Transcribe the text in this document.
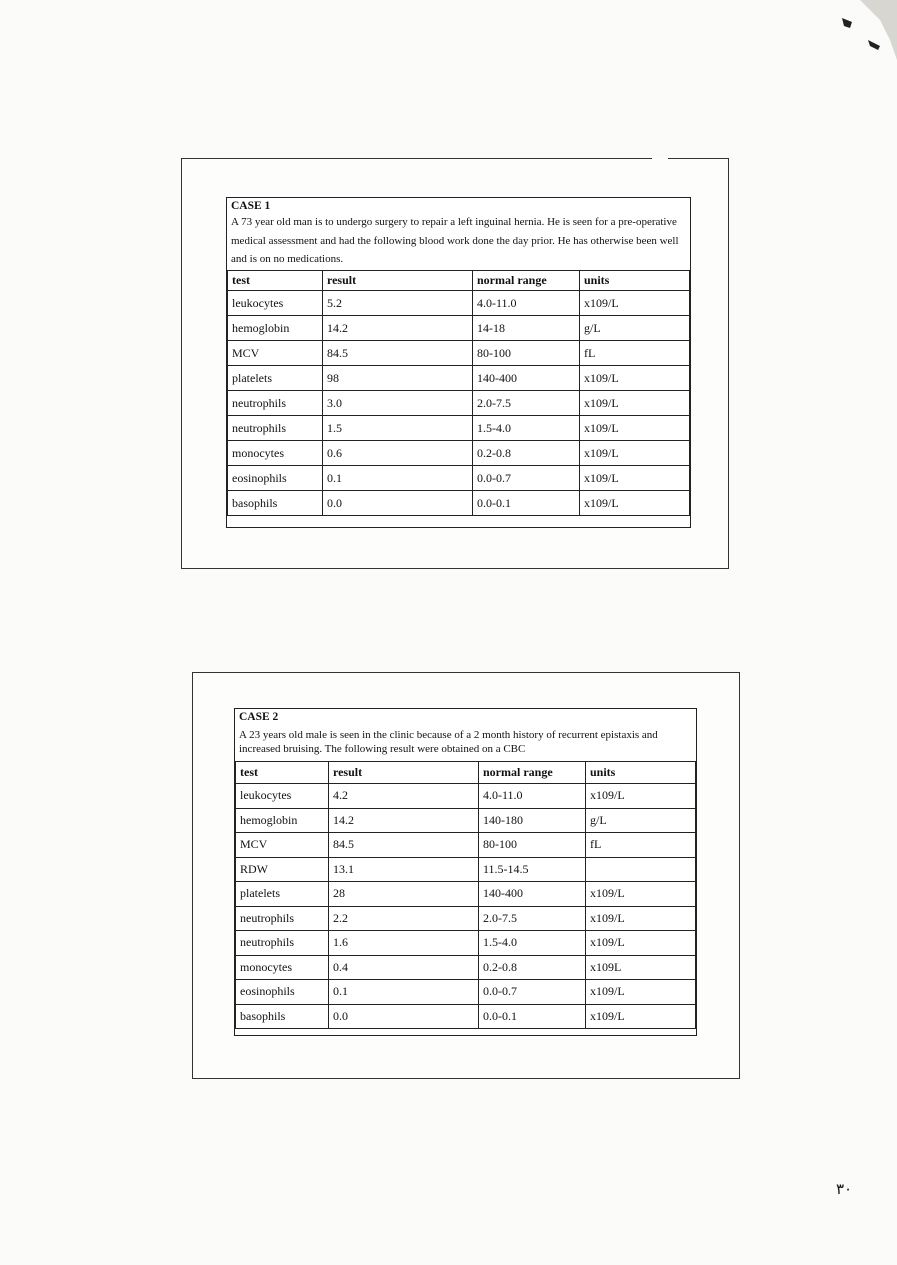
CASE 1
A 73 year old man is to undergo surgery to repair a left inguinal hernia. He is seen for a pre-operative medical assessment and had the following blood work done the day prior. He has otherwise been well and is on no medications.
test	result	normal range	units
leukocytes	5.2	4.0-11.0	x109/L
hemoglobin	14.2	14-18	g/L
MCV	84.5	80-100	fL
platelets	98	140-400	x109/L
neutrophils	3.0	2.0-7.5	x109/L
neutrophils	1.5	1.5-4.0	x109/L
monocytes	0.6	0.2-0.8	x109/L
eosinophils	0.1	0.0-0.7	x109/L
basophils	0.0	0.0-0.1	x109/L
CASE 2
A 23 years old male is seen in the clinic because of a 2 month history of recurrent epistaxis and increased bruising. The following result were obtained on a CBC
test	result	normal range	units
leukocytes	4.2	4.0-11.0	x109/L
hemoglobin	14.2	140-180	g/L
MCV	84.5	80-100	fL
RDW	13.1	11.5-14.5	
platelets	28	140-400	x109/L
neutrophils	2.2	2.0-7.5	x109/L
neutrophils	1.6	1.5-4.0	x109/L
monocytes	0.4	0.2-0.8	x109L
eosinophils	0.1	0.0-0.7	x109/L
basophils	0.0	0.0-0.1	x109/L
٣٠
